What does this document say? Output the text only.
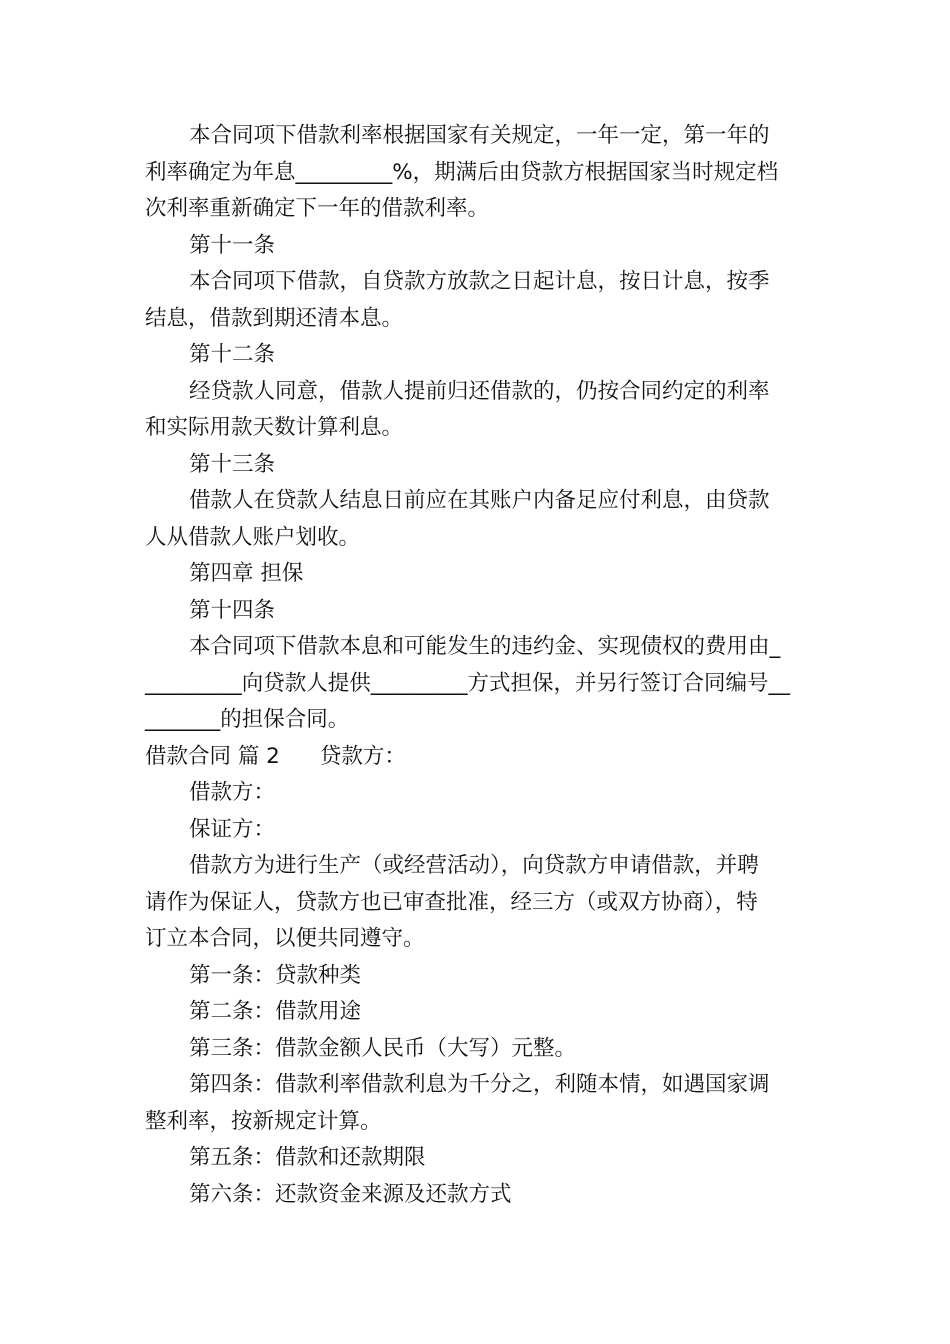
本合同项下借款利率根据国家有关规定，一年一定，第一年的
利率确定为年息_________%，期满后由贷款方根据国家当时规定档
次利率重新确定下一年的借款利率。
第十一条
本合同项下借款，自贷款方放款之日起计息，按日计息，按季
结息，借款到期还清本息。
第十二条
经贷款人同意，借款人提前归还借款的，仍按合同约定的利率
和实际用款天数计算利息。
第十三条
借款人在贷款人结息日前应在其账户内备足应付利息，由贷款
人从借款人账户划收。
第四章 担保
第十四条
本合同项下借款本息和可能发生的违约金、实现债权的费用由_
_________向贷款人提供_________方式担保，并另行签订合同编号__
_______的担保合同。
借款合同 篇 2 贷款方：
借款方：
保证方：
借款方为进行生产（或经营活动），向贷款方申请借款，并聘
请作为保证人，贷款方也已审查批准，经三方（或双方协商），特
订立本合同，以便共同遵守。
第一条：贷款种类
第二条：借款用途
第三条：借款金额人民币（大写）元整。
第四条：借款利率借款利息为千分之，利随本情，如遇国家调
整利率，按新规定计算。
第五条：借款和还款期限
第六条：还款资金来源及还款方式
